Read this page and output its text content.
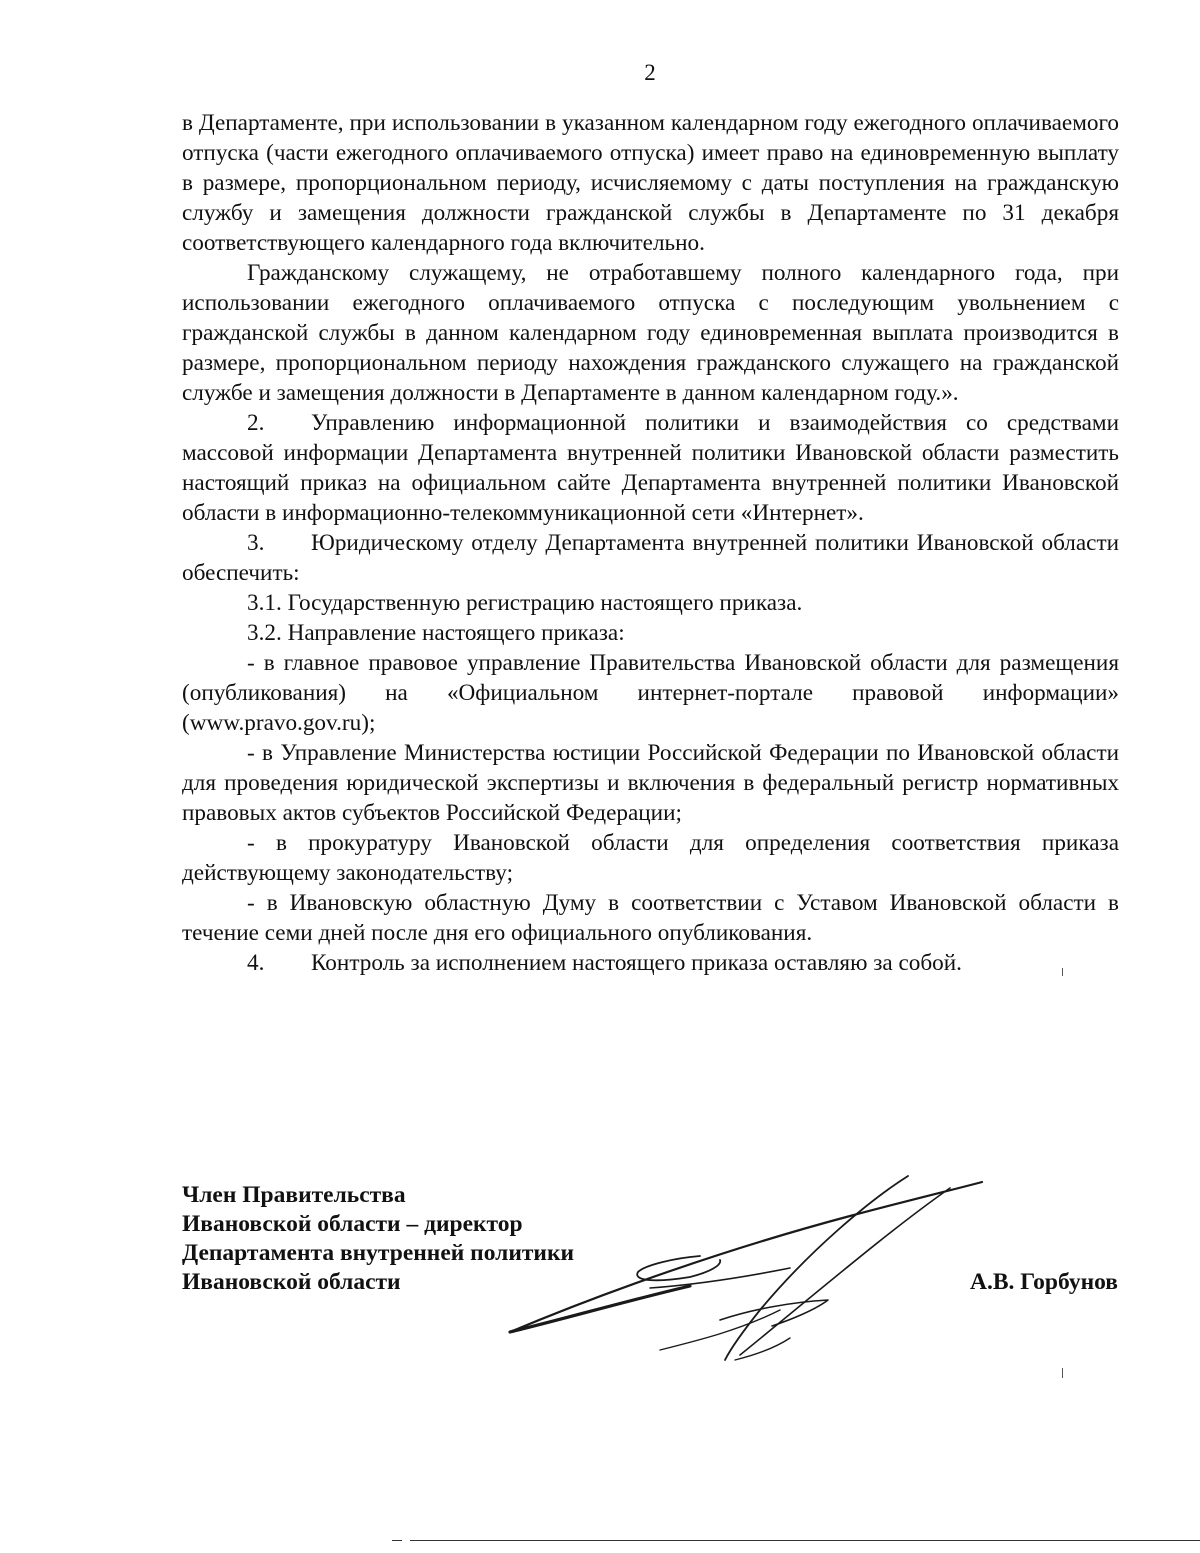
2

в Департаменте, при использовании в указанном календарном году ежегодного оплачиваемого отпуска (части ежегодного оплачиваемого отпуска) имеет право на единовременную выплату в размере, пропорциональном периоду, исчисляемому с даты поступления на гражданскую службу и замещения должности гражданской службы в Департаменте по 31 декабря соответствующего календарного года включительно.

Гражданскому служащему, не отработавшему полного календарного года, при использовании ежегодного оплачиваемого отпуска с последующим увольнением с гражданской службы в данном календарном году единовременная выплата производится в размере, пропорциональном периоду нахождения гражданского служащего на гражданской службе и замещения должности в Департаменте в данном календарном году.».

2. Управлению информационной политики и взаимодействия со средствами массовой информации Департамента внутренней политики Ивановской области разместить настоящий приказ на официальном сайте Департамента внутренней политики Ивановской области в информационно-телекоммуникационной сети «Интернет».

3. Юридическому отделу Департамента внутренней политики Ивановской области обеспечить:

3.1. Государственную регистрацию настоящего приказа.

3.2. Направление настоящего приказа:

- в главное правовое управление Правительства Ивановской области для размещения (опубликования) на «Официальном интернет-портале правовой информации» (www.pravo.gov.ru);

- в Управление Министерства юстиции Российской Федерации по Ивановской области для проведения юридической экспертизы и включения в федеральный регистр нормативных правовых актов субъектов Российской Федерации;

- в прокуратуру Ивановской области для определения соответствия приказа действующему законодательству;

- в Ивановскую областную Думу в соответствии с Уставом Ивановской области в течение семи дней после дня его официального опубликования.

4. Контроль за исполнением настоящего приказа оставляю за собой.

Член Правительства
Ивановской области – директор
Департамента внутренней политики
Ивановской области	А.В. Горбунов
